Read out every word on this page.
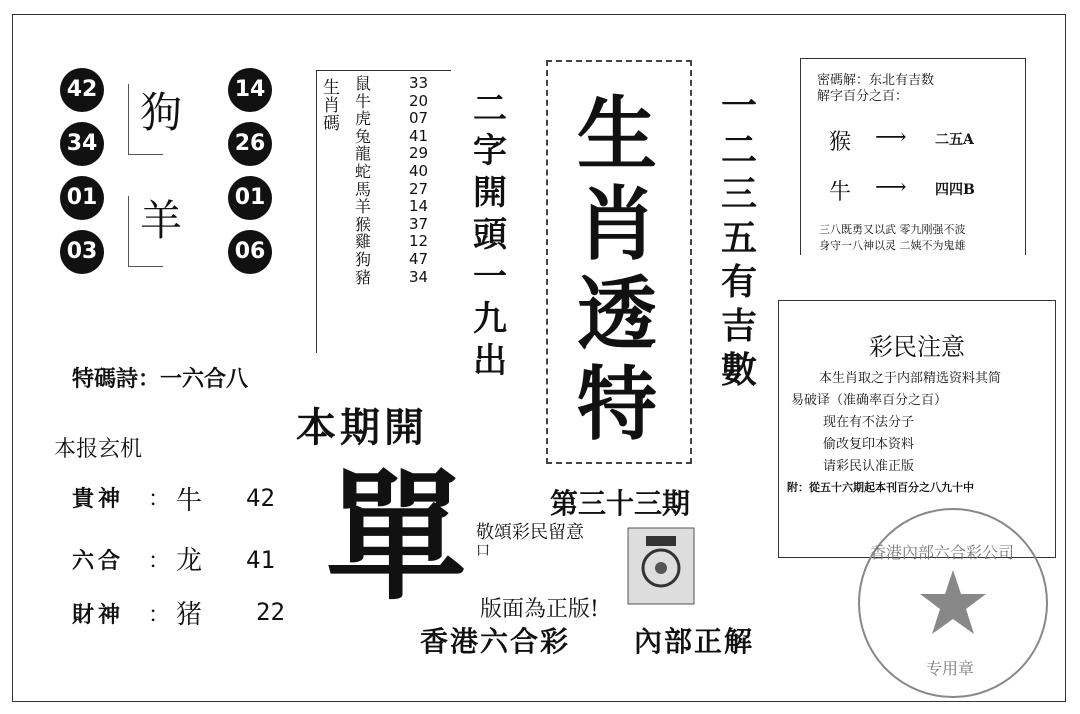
42
34
01
03
14
26
01
06
狗
羊
生肖碼
鼠
牛
虎
兔
龍
蛇
馬
羊
猴
雞
狗
豬
33
20
07
41
29
40
27
14
37
12
47
34
二
字
開
頭
一
九
出
一
二
三
五
有
吉
數
生
肖
透
特
第三十三期
密碼解：东北有吉数
解字百分之百：
猴 ⟶ 二五A
牛 ⟶ 四四B
三八既勇又以武 零九刚强不波
身守一八神以灵 二姨不为鬼雄
彩民注意
本生肖取之于内部精选资料其简
易破译（准确率百分之百）
现在有不法分子
偷改复印本资料
请彩民认准正版
附：從五十六期起本刊百分之八九十中
特碼詩：一六合八
本期開
單
本报玄机
貴神 ： 牛 42
六合 ： 龙 41
財神 ： 猪 22
敬頌彩民留意
口
版面為正版!
香港六合彩 內部正解
香港內部六合彩公司
专用章
